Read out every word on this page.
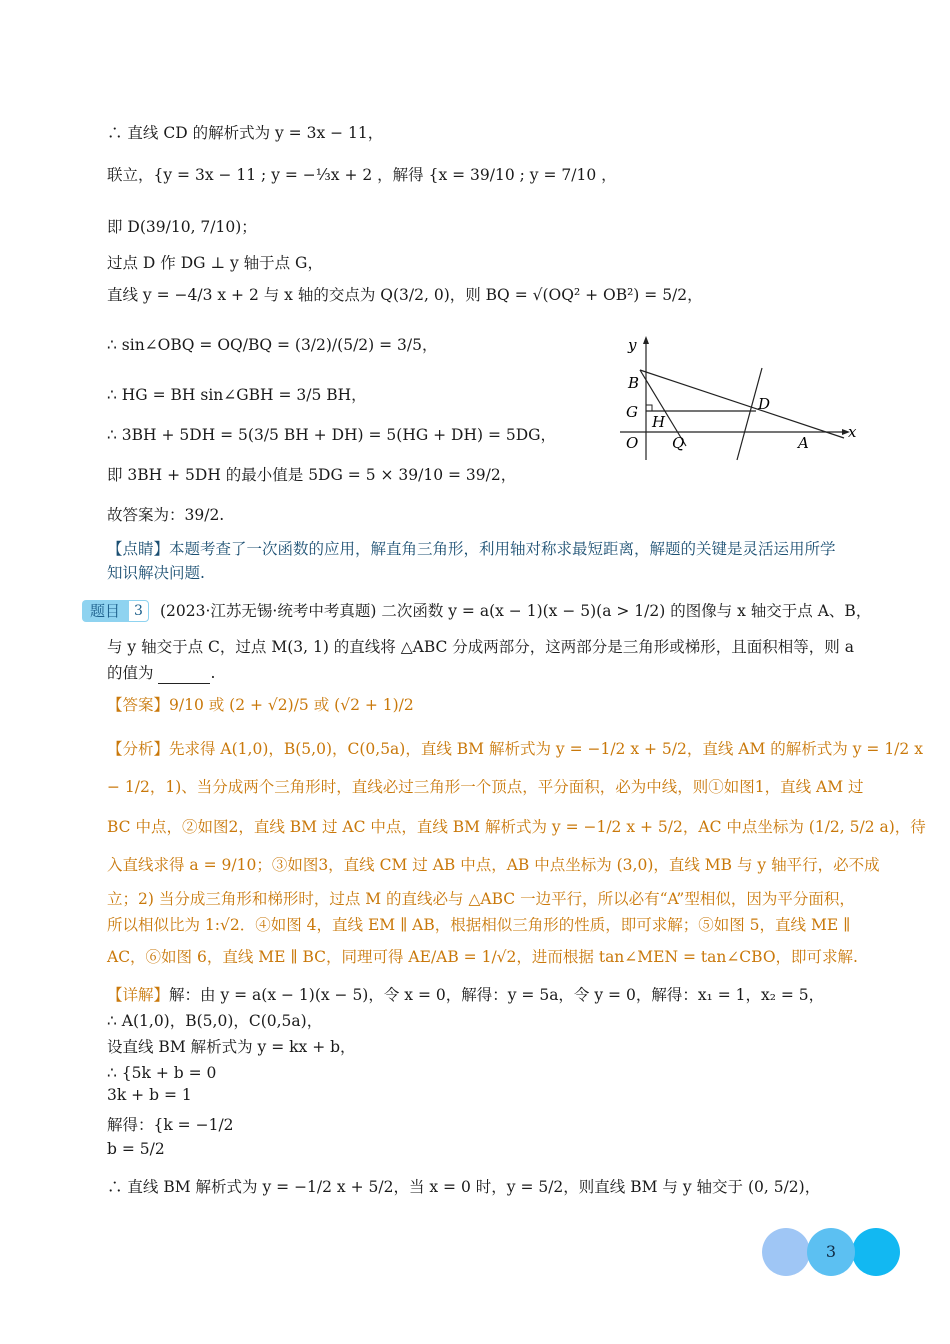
∴ 直线 CD 的解析式为 y = 3x − 11，
联立，{y = 3x − 11 ; y = −⅓x + 2 ，解得 {x = 39/10 ; y = 7/10 ，
即 D(39/10, 7/10)；
过点 D 作 DG ⊥ y 轴于点 G，
直线 y = −4/3 x + 2 与 x 轴的交点为 Q(3/2, 0)，则 BQ = √(OQ² + OB²) = 5/2，
∴ sin∠OBQ = OQ/BQ = (3/2)/(5/2) = 3/5，
∴ HG = BH sin∠GBH = 3/5 BH，
∴ 3BH + 5DH = 5(3/5 BH + DH) = 5(HG + DH) = 5DG，
即 3BH + 5DH 的最小值是 5DG = 5 × 39/10 = 39/2，
故答案为：39/2.
【点睛】本题考查了一次函数的应用，解直角三角形，利用轴对称求最短距离，解题的关键是灵活运用所学
知识解决问题.
y
x
B
G
H
D
O Q	A
题目	3	(2023·江苏无锡·统考中考真题) 二次函数 y = a(x − 1)(x − 5)(a > 1/2) 的图像与 x 轴交于点 A、B，
与 y 轴交于点 C，过点 M(3, 1) 的直线将 △ABC 分成两部分，这两部分是三角形或梯形，且面积相等，则 a
的值为	.
【答案】9/10 或 (2 + √2)/5 或 (√2 + 1)/2
【分析】先求得 A(1,0)，B(5,0)，C(0,5a)，直线 BM 解析式为 y = −1/2 x + 5/2，直线 AM 的解析式为 y = 1/2 x
− 1/2，1)、当分成两个三角形时，直线必过三角形一个顶点，平分面积，必为中线，则①如图1，直线 AM 过
BC 中点，②如图2，直线 BM 过 AC 中点，直线 BM 解析式为 y = −1/2 x + 5/2，AC 中点坐标为 (1/2, 5/2 a)，待
入直线求得 a = 9/10；③如图3，直线 CM 过 AB 中点，AB 中点坐标为 (3,0)，直线 MB 与 y 轴平行，必不成
立；2) 当分成三角形和梯形时，过点 M 的直线必与 △ABC 一边平行，所以必有“A”型相似，因为平分面积，
所以相似比为 1:√2．④如图 4，直线 EM ∥ AB，根据相似三角形的性质，即可求解；⑤如图 5，直线 ME ∥
AC，⑥如图 6，直线 ME ∥ BC，同理可得 AE/AB = 1/√2，进而根据 tan∠MEN = tan∠CBO，即可求解.
【详解】解：由 y = a(x − 1)(x − 5)，令 x = 0，解得：y = 5a，令 y = 0，解得：x₁ = 1，x₂ = 5，
∴ A(1,0)，B(5,0)，C(0,5a)，
设直线 BM 解析式为 y = kx + b，
∴ {5k + b = 0
3k + b = 1
解得：{k = −1/2
b = 5/2
∴ 直线 BM 解析式为 y = −1/2 x + 5/2，当 x = 0 时，y = 5/2，则直线 BM 与 y 轴交于 (0, 5/2)，
3
